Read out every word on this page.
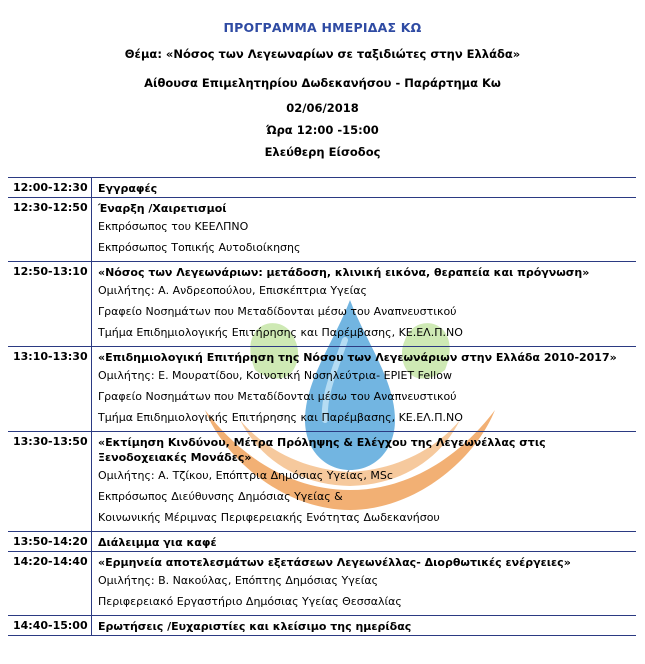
ΠΡΟΓΡΑΜΜΑ ΗΜΕΡΙΔΑΣ ΚΩ
Θέμα: «Νόσος των Λεγεωναρίων σε ταξιδιώτες στην Ελλάδα»
Αίθουσα Επιμελητηρίου Δωδεκανήσου - Παράρτημα Κω
02/06/2018
Ώρα 12:00 -15:00
Ελεύθερη Είσοδος
12:00-12:30 Εγγραφές
12:30-12:50 Έναρξη /Χαιρετισμοί
Εκπρόσωπος του ΚΕΕΛΠΝΟ
Εκπρόσωπος Τοπικής Αυτοδιοίκησης
12:50-13:10 «Νόσος των Λεγεωνάριων: μετάδοση, κλινική εικόνα, θεραπεία και πρόγνωση»
Ομιλήτης: Α. Ανδρεοπούλου, Επισκέπτρια Υγείας
Γραφείο Νοσημάτων που Μεταδίδονται μέσω του Αναπνευστικού
Τμήμα Επιδημιολογικής Επιτήρησης και Παρέμβασης, ΚΕ.ΕΛ.Π.ΝΟ
13:10-13:30 «Επιδημιολογική Επιτήρηση της Νόσου των Λεγεωνάριων στην Ελλάδα 2010-2017»
Ομιλήτης: Ε. Μουρατίδου, Κοινοτική Νοσηλεύτρια- EPIET Fellow
Γραφείο Νοσημάτων που Μεταδίδονται μέσω του Αναπνευστικού
Τμήμα Επιδημιολογικής Επιτήρησης και Παρέμβασης, ΚΕ.ΕΛ.Π.ΝΟ
13:30-13:50 «Εκτίμηση Κινδύνου, Μέτρα Πρόληψης & Ελέγχου της Λεγεωνέλλας στις Ξενοδοχειακές Μονάδες»
Ομιλήτης: Α. Τζίκου, Επόπτρια Δημόσιας Υγείας, MSc
Εκπρόσωπος Διεύθυνσης Δημόσιας Υγείας &
Κοινωνικής Μέριμνας Περιφερειακής Ενότητας Δωδεκανήσου
13:50-14:20 Διάλειμμα για καφέ
14:20-14:40 «Ερμηνεία αποτελεσμάτων εξετάσεων Λεγεωνέλλας- Διορθωτικές ενέργειες»
Ομιλήτης: Β. Νακούλας, Επόπτης Δημόσιας Υγείας
Περιφερειακό Εργαστήριο Δημόσιας Υγείας Θεσσαλίας
14:40-15:00 Ερωτήσεις /Ευχαριστίες και κλείσιμο της ημερίδας
